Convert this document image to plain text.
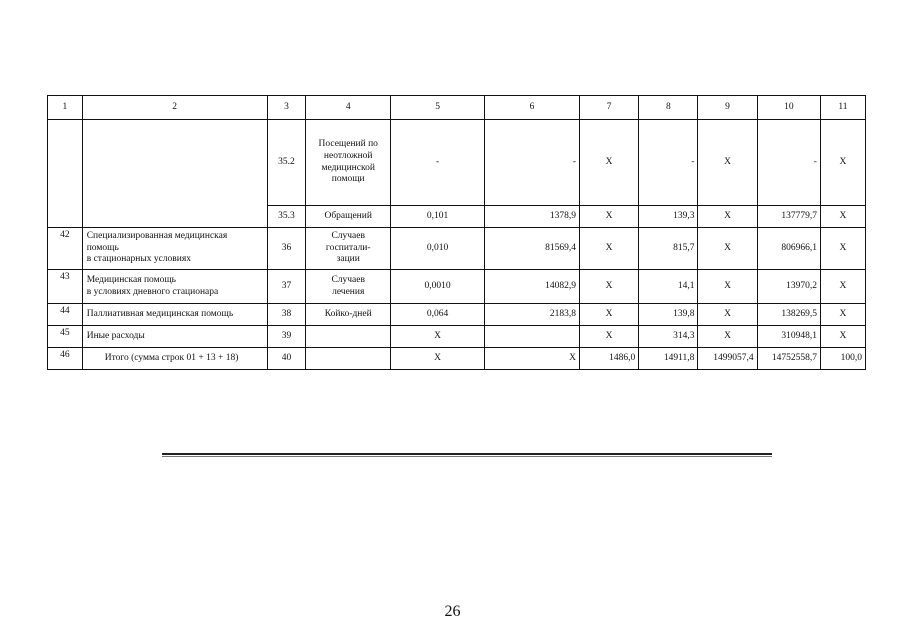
1	2	3	4	5	6	7	8	9	10	11
		35.2	Посещений по
неотложной
медицинской
помощи	-	-	X	-	X	-	X
		35.3	Обращений	0,101	1378,9	X	139,3	X	137779,7	X
42	Специализированная медицинская
помощь
в стационарных условиях	36	Случаев
госпитали-
зации	0,010	81569,4	X	815,7	X	806966,1	X
43	Медицинская помощь
в условиях дневного стационара	37	Случаев
лечения	0,0010	14082,9	X	14,1	X	13970,2	X
44	Паллиативная медицинская помощь	38	Койко-дней	0,064	2183,8	X	139,8	X	138269,5	X
45	Иные расходы	39		X		X	314,3	X	310948,1	X
46	Итого (сумма строк 01 + 13 + 18)	40		X	X	1486,0	14911,8	1499057,4	14752558,7	100,0
26
